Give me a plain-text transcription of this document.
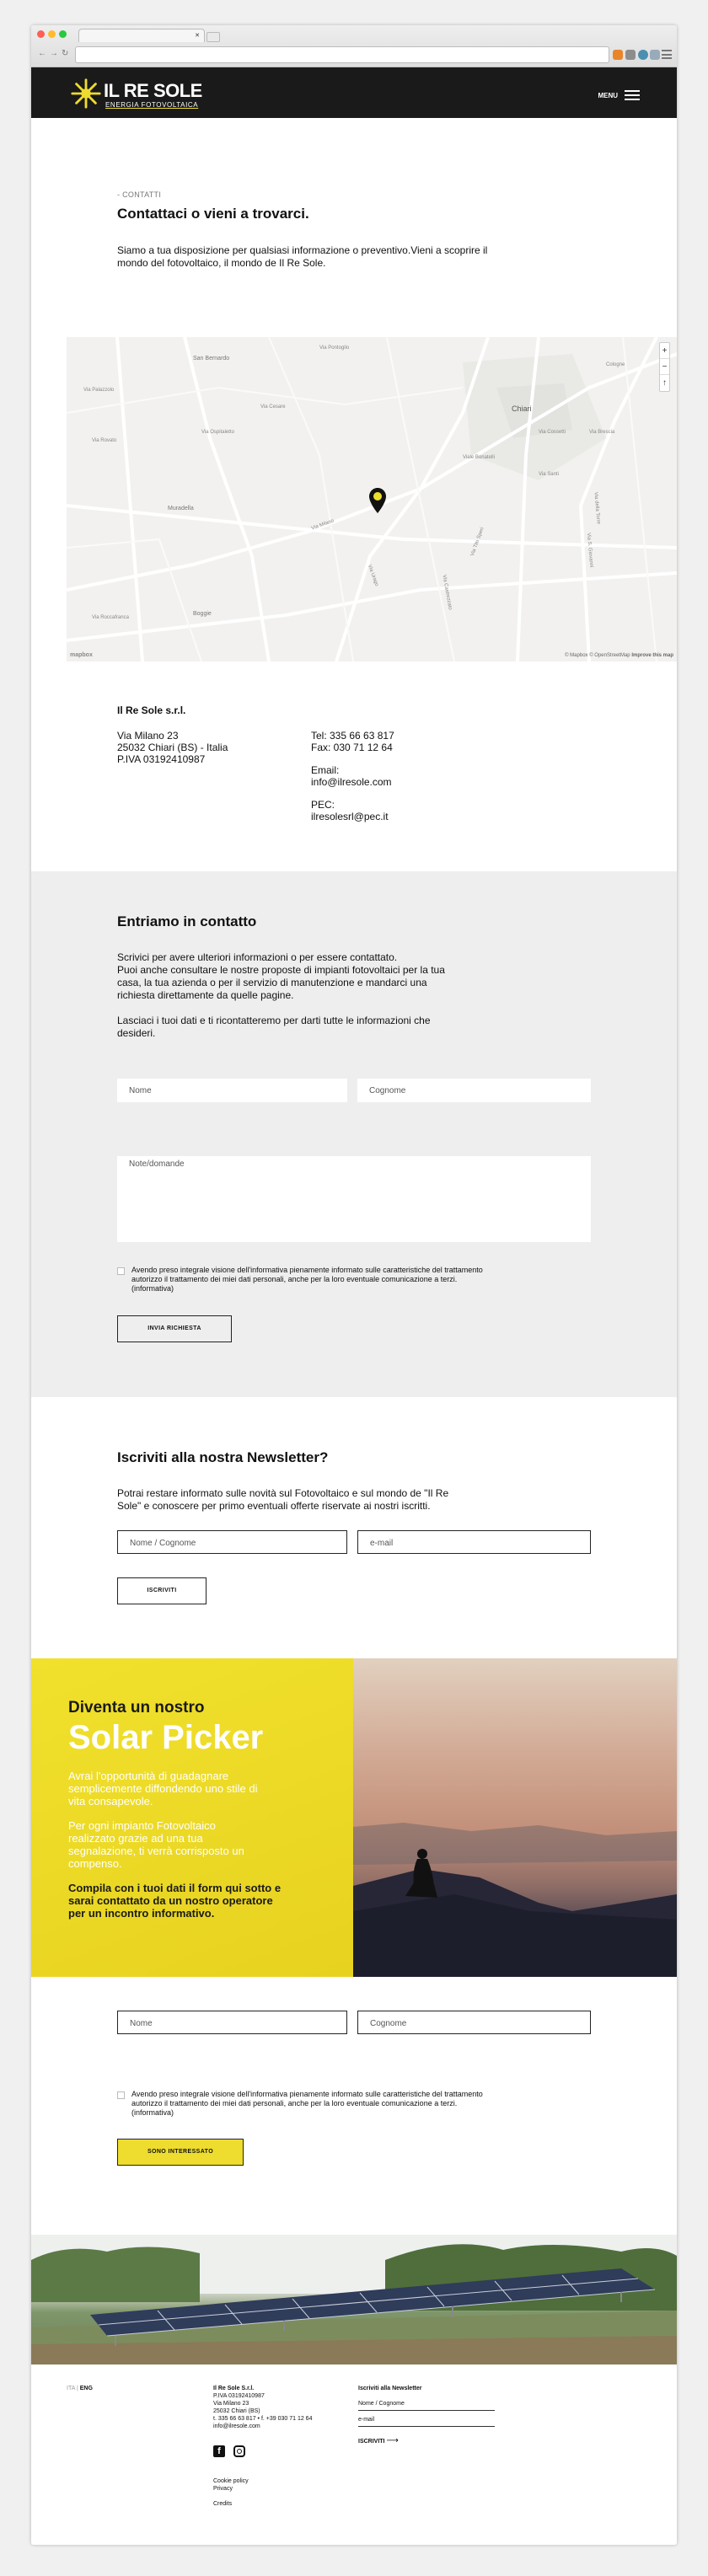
✕
← → ↻
IL RE SOLE
ENERGIA FOTOVOLTAICA
MENU
- CONTATTI
Contattaci o vieni a trovarci.
Siamo a tua disposizione per qualsiasi informazione o preventivo.Vieni a scoprire il
mondo del fotovoltaico, il mondo de Il Re Sole.
San Bernardo
Chiari
Muradella
Via Milano
Boggie
Via Roccafranca
Via Brescia
Cologne
Via Castrezzato
Via della Torre
Via Ospitaletto
Via Santi
Via Rovato
Viale Bonatelli
Via Palazzolo
Via Cesare
Via Tito Speri
Via Pontoglio
Via Urago
Via Cossetti
Via S. Giovanni
+
−
↑
mapbox	© Mapbox © OpenStreetMap Improve this map
Il Re Sole s.r.l.
Via Milano 23
25032 Chiari (BS) - Italia
P.IVA 03192410987
Tel: 335 66 63 817
Fax: 030 71 12 64
Email:
info@ilresole.com
PEC:
ilresolesrl@pec.it
Entriamo in contatto
Scrivici per avere ulteriori informazioni o per essere contattato.
Puoi anche consultare le nostre proposte di impianti fotovoltaici per la tua
casa, la tua azienda o per il servizio di manutenzione e mandarci una
richiesta direttamente da quelle pagine.
Lasciaci i tuoi dati e ti ricontatteremo per darti tutte le informazioni che
desideri.
Nome	Cognome
Note/domande
Avendo preso integrale visione dell'informativa pienamente informato sulle caratteristiche del trattamento
autorizzo il trattamento dei miei dati personali, anche per la loro eventuale comunicazione a terzi.
(informativa)
INVIA RICHIESTA
Iscriviti alla nostra Newsletter?
Potrai restare informato sulle novità sul Fotovoltaico e sul mondo de "Il Re
Sole" e conoscere per primo eventuali offerte riservate ai nostri iscritti.
Nome / Cognome	e-mail
ISCRIVITI
Diventa un nostro
Solar Picker
Avrai l'opportunità di guadagnare
semplicemente diffondendo uno stile di
vita consapevole.
Per ogni impianto Fotovoltaico
realizzato grazie ad una tua
segnalazione, ti verrà corrisposto un
compenso.
Compila con i tuoi dati il form qui sotto e
sarai contattato da un nostro operatore
per un incontro informativo.
Nome	Cognome
Avendo preso integrale visione dell'informativa pienamente informato sulle caratteristiche del trattamento
autorizzo il trattamento dei miei dati personali, anche per la loro eventuale comunicazione a terzi.
(informativa)
SONO INTERESSATO
ITA | ENG	Il Re Sole S.r.l.
P.IVA 03192410987
Via Milano 23
25032 Chiari (BS)
t. 335 66 63 817 • f. +39 030 71 12 64
info@ilresole.com
f
Cookie policy
Privacy
Credits
Iscriviti alla Newsletter
Nome / Cognome
e-mail
ISCRIVITI ⟶
